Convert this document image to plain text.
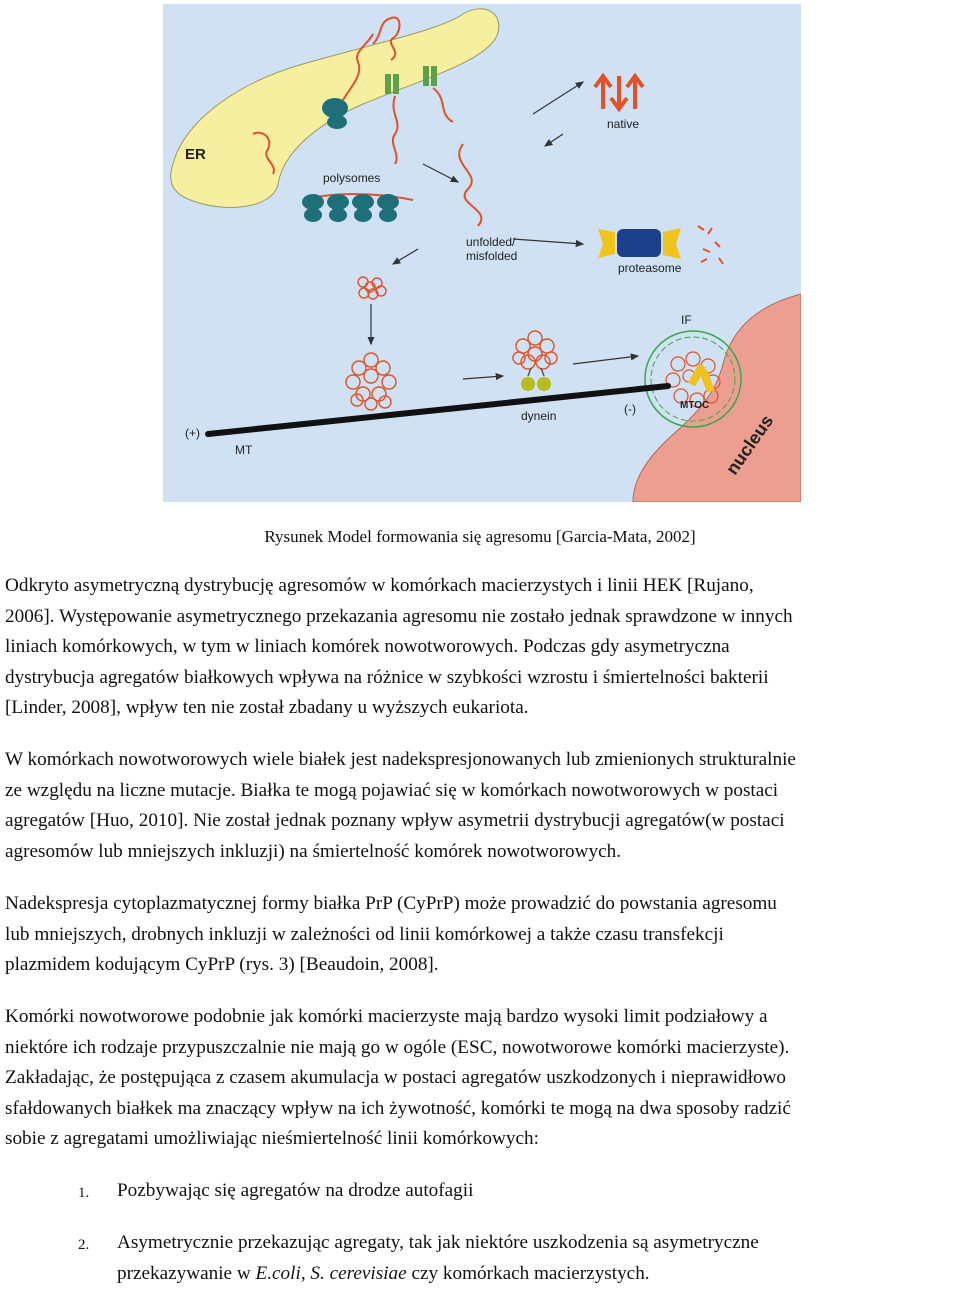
ER
polysomes
unfolded/
misfolded
native
proteasome
dynein	nucleus
MTOC
IF
(+)
(-)
MT
Rysunek Model formowania się agresomu [Garcia-Mata, 2002]
Odkryto asymetryczną dystrybucję agresomów w komórkach macierzystych i linii HEK [Rujano,
2006]. Występowanie asymetrycznego przekazania agresomu nie zostało jednak sprawdzone w innych
liniach komórkowych, w tym w liniach komórek nowotworowych. Podczas gdy asymetryczna
dystrybucja agregatów białkowych wpływa na różnice w szybkości wzrostu i śmiertelności bakterii
[Linder, 2008], wpływ ten nie został zbadany u wyższych eukariota.
W komórkach nowotworowych wiele białek jest nadekspresjonowanych lub zmienionych strukturalnie
ze względu na liczne mutacje. Białka te mogą pojawiać się w komórkach nowotworowych w postaci
agregatów [Huo, 2010]. Nie został jednak poznany wpływ asymetrii dystrybucji agregatów(w postaci
agresomów lub mniejszych inkluzji) na śmiertelność komórek nowotworowych.
Nadekspresja cytoplazmatycznej formy białka PrP (CyPrP) może prowadzić do powstania agresomu
lub mniejszych, drobnych inkluzji w zależności od linii komórkowej a także czasu transfekcji
plazmidem kodującym CyPrP (rys. 3) [Beaudoin, 2008].
Komórki nowotworowe podobnie jak komórki macierzyste mają bardzo wysoki limit podziałowy a
niektóre ich rodzaje przypuszczalnie nie mają go w ogóle (ESC, nowotworowe komórki macierzyste).
Zakładając, że postępująca z czasem akumulacja w postaci agregatów uszkodzonych i nieprawidłowo
sfałdowanych białkek ma znaczący wpływ na ich żywotność, komórki te mogą na dwa sposoby radzić
sobie z agregatami umożliwiając nieśmiertelność linii komórkowych:
1. Pozbywając się agregatów na drodze autofagii
2. Asymetrycznie przekazując agregaty, tak jak niektóre uszkodzenia są asymetryczne
przekazywanie w E.coli, S. cerevisiae czy komórkach macierzystych.
